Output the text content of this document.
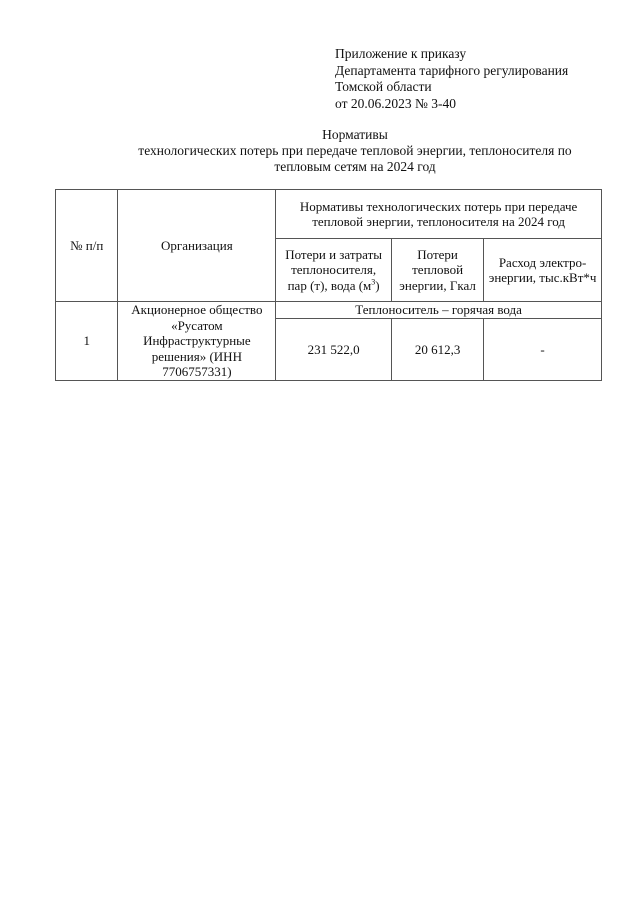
Приложение к приказу
Департамента тарифного регулирования
Томской области
от 20.06.2023 № 3-40
Нормативы
технологических потерь при передаче тепловой энергии, теплоносителя по
тепловым сетям на 2024 год
№ п/п	Организация	Нормативы технологических потерь при передаче тепловой энергии, теплоносителя на 2024 год		
		Потери и затраты теплоносителя, пар (т), вода $(м^3)$	Потери тепловой энергии, Гкал	Расход электро-энергии, тыс.кВт*ч
1	Акционерное общество «Русатом Инфраструктурные решения» (ИНН 7706757331)	Теплоноситель – горячая вода		
		231 522,0	20 612,3	-
